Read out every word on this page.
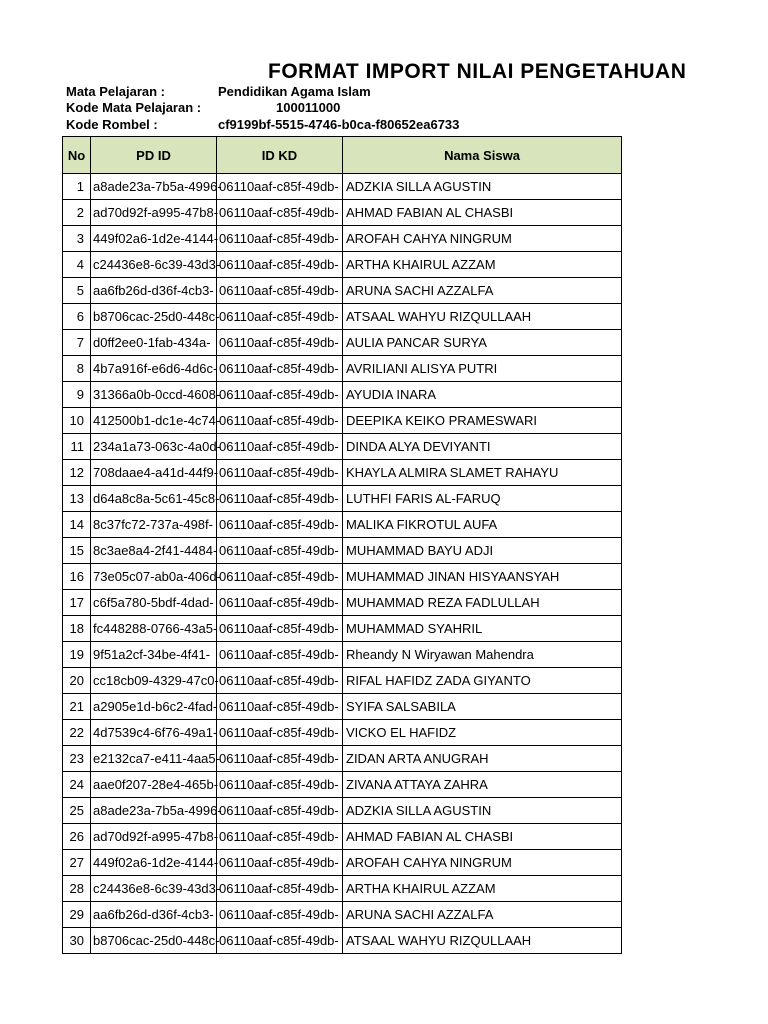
FORMAT IMPORT NILAI PENGETAHUAN
Mata Pelajaran :	Pendidikan Agama Islam
Kode Mata Pelajaran :	100011000
Kode Rombel :	cf9199bf-5515-4746-b0ca-f80652ea6733
No	PD ID	ID KD	Nama Siswa
1	a8ade23a-7b5a-4996-	06110aaf-c85f-49db-	ADZKIA SILLA AGUSTIN
2	ad70d92f-a995-47b8-	06110aaf-c85f-49db-	AHMAD FABIAN AL CHASBI
3	449f02a6-1d2e-4144-	06110aaf-c85f-49db-	AROFAH CAHYA NINGRUM
4	c24436e8-6c39-43d3-	06110aaf-c85f-49db-	ARTHA KHAIRUL AZZAM
5	aa6fb26d-d36f-4cb3-	06110aaf-c85f-49db-	ARUNA SACHI AZZALFA
6	b8706cac-25d0-448c-	06110aaf-c85f-49db-	ATSAAL WAHYU RIZQULLAAH
7	d0ff2ee0-1fab-434a-	06110aaf-c85f-49db-	AULIA PANCAR SURYA
8	4b7a916f-e6d6-4d6c-	06110aaf-c85f-49db-	AVRILIANI ALISYA PUTRI
9	31366a0b-0ccd-4608-	06110aaf-c85f-49db-	AYUDIA INARA
10	412500b1-dc1e-4c74-	06110aaf-c85f-49db-	DEEPIKA KEIKO PRAMESWARI
11	234a1a73-063c-4a0d-	06110aaf-c85f-49db-	DINDA ALYA DEVIYANTI
12	708daae4-a41d-44f9-	06110aaf-c85f-49db-	KHAYLA ALMIRA SLAMET RAHAYU
13	d64a8c8a-5c61-45c8-	06110aaf-c85f-49db-	LUTHFI FARIS AL-FARUQ
14	8c37fc72-737a-498f-	06110aaf-c85f-49db-	MALIKA FIKROTUL AUFA
15	8c3ae8a4-2f41-4484-	06110aaf-c85f-49db-	MUHAMMAD BAYU ADJI
16	73e05c07-ab0a-406d-	06110aaf-c85f-49db-	MUHAMMAD JINAN HISYAANSYAH
17	c6f5a780-5bdf-4dad-	06110aaf-c85f-49db-	MUHAMMAD REZA FADLULLAH
18	fc448288-0766-43a5-	06110aaf-c85f-49db-	MUHAMMAD SYAHRIL
19	9f51a2cf-34be-4f41-	06110aaf-c85f-49db-	Rheandy N Wiryawan Mahendra
20	cc18cb09-4329-47c0-	06110aaf-c85f-49db-	RIFAL HAFIDZ ZADA GIYANTO
21	a2905e1d-b6c2-4fad-	06110aaf-c85f-49db-	SYIFA SALSABILA
22	4d7539c4-6f76-49a1-	06110aaf-c85f-49db-	VICKO EL HAFIDZ
23	e2132ca7-e411-4aa5-	06110aaf-c85f-49db-	ZIDAN ARTA ANUGRAH
24	aae0f207-28e4-465b-	06110aaf-c85f-49db-	ZIVANA ATTAYA ZAHRA
25	a8ade23a-7b5a-4996-	06110aaf-c85f-49db-	ADZKIA SILLA AGUSTIN
26	ad70d92f-a995-47b8-	06110aaf-c85f-49db-	AHMAD FABIAN AL CHASBI
27	449f02a6-1d2e-4144-	06110aaf-c85f-49db-	AROFAH CAHYA NINGRUM
28	c24436e8-6c39-43d3-	06110aaf-c85f-49db-	ARTHA KHAIRUL AZZAM
29	aa6fb26d-d36f-4cb3-	06110aaf-c85f-49db-	ARUNA SACHI AZZALFA
30	b8706cac-25d0-448c-	06110aaf-c85f-49db-	ATSAAL WAHYU RIZQULLAAH
